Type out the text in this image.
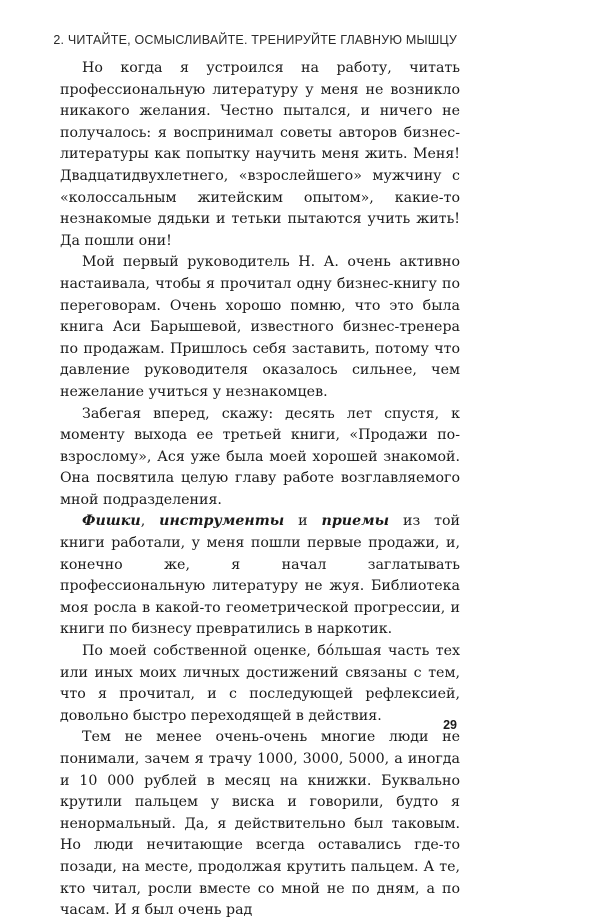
2. ЧИТАЙТЕ, ОСМЫСЛИВАЙТЕ. ТРЕНИРУЙТЕ ГЛАВНУЮ МЫШЦУ

Но когда я устроился на работу, читать профессиональную литературу у меня не возникло никакого желания. Честно пытался, и ничего не получалось: я воспринимал советы авторов бизнес-литературы как попытку научить меня жить. Меня! Двадцатидвухлетнего, «взрослейшего» мужчину с «колоссальным житейским опытом», какие-то незнакомые дядьки и тетьки пытаются учить жить! Да пошли они!

Мой первый руководитель Н. А. очень активно настаивала, чтобы я прочитал одну бизнес-книгу по переговорам. Очень хорошо помню, что это была книга Аси Барышевой, известного бизнес-тренера по продажам. Пришлось себя заставить, потому что давление руководителя оказалось сильнее, чем нежелание учиться у незнакомцев.

Забегая вперед, скажу: десять лет спустя, к моменту выхода ее третьей книги, «Продажи по-взрослому», Ася уже была моей хорошей знакомой. Она посвятила целую главу работе возглавляемого мной подразделения.

Фишки, инструменты и приемы из той книги работали, у меня пошли первые продажи, и, конечно же, я начал заглатывать профессиональную литературу не жуя. Библиотека моя росла в какой-то геометрической прогрессии, и книги по бизнесу превратились в наркотик.

По моей собственной оценке, бóльшая часть тех или иных моих личных достижений связаны с тем, что я прочитал, и с последующей рефлексией, довольно быстро переходящей в действия.

Тем не менее очень-очень многие люди не понимали, зачем я трачу 1000, 3000, 5000, а иногда и 10 000 рублей в месяц на книжки. Буквально крутили пальцем у виска и говорили, будто я ненормальный. Да, я действительно был таковым. Но люди нечитающие всегда оставались где-то позади, на месте, продолжая крутить пальцем. А те, кто читал, росли вместе со мной не по дням, а по часам. И я был очень рад

29
